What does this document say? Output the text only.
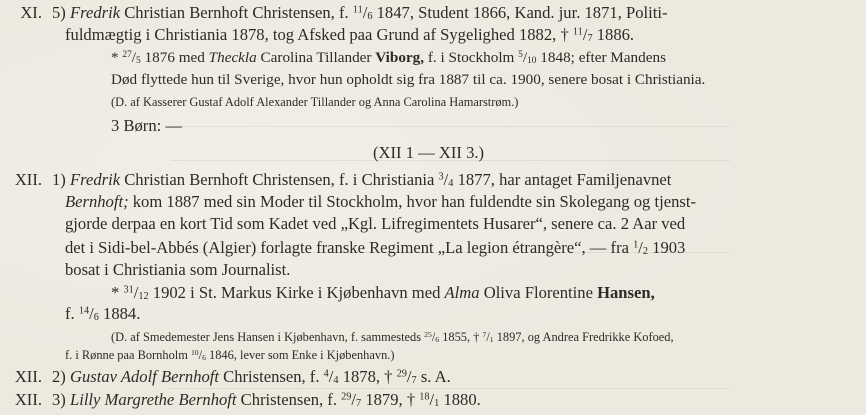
XI. 5) Fredrik Christian Bernhoft Christensen, f. $^{11}/_6$ 1847, Student 1866, Kand. jur. 1871, Politi-
fuldmægtig i Christiania 1878, tog Afsked paa Grund af Sygelighed 1882, † $^{11}/_7$ 1886.
* $^{27}/_5$ 1876 med Theckla Carolina Tillander Viborg, f. i Stockholm $^5/_{10}$ 1848; efter Mandens
Død flyttede hun til Sverige, hvor hun opholdt sig fra 1887 til ca. 1900, senere bosat i Christiania.
(D. af Kasserer Gustaf Adolf Alexander Tillander og Anna Carolina Hamarstrøm.)
3 Børn: —
(XII 1 — XII 3.)
XII. 1) Fredrik Christian Bernhoft Christensen, f. i Christiania $^3/_4$ 1877, har antaget Familjenavnet
Bernhoft; kom 1887 med sin Moder til Stockholm, hvor han fuldendte sin Skolegang og tjenst-
gjorde derpaa en kort Tid som Kadet ved „Kgl. Lifregimentets Husarer“, senere ca. 2 Aar ved
det i Sidi-bel-Abbés (Algier) forlagte franske Regiment „La legion étrangère“, — fra $^1/_2$ 1903
bosat i Christiania som Journalist.
* $^{31}/_{12}$ 1902 i St. Markus Kirke i Kjøbenhavn med Alma Oliva Florentine Hansen,
f. $^{14}/_6$ 1884.
(D. af Smedemester Jens Hansen i Kjøbenhavn, f. sammesteds $^{25}/_6$ 1855, † $^7/_1$ 1897, og Andrea Fredrikke Kofoed,
f. i Rønne paa Bornholm $^{10}/_6$ 1846, lever som Enke i Kjøbenhavn.)
XII. 2) Gustav Adolf Bernhoft Christensen, f. $^4/_4$ 1878, † $^{29}/_7$ s. A.
XII. 3) Lilly Margrethe Bernhoft Christensen, f. $^{29}/_7$ 1879, † $^{18}/_1$ 1880.
